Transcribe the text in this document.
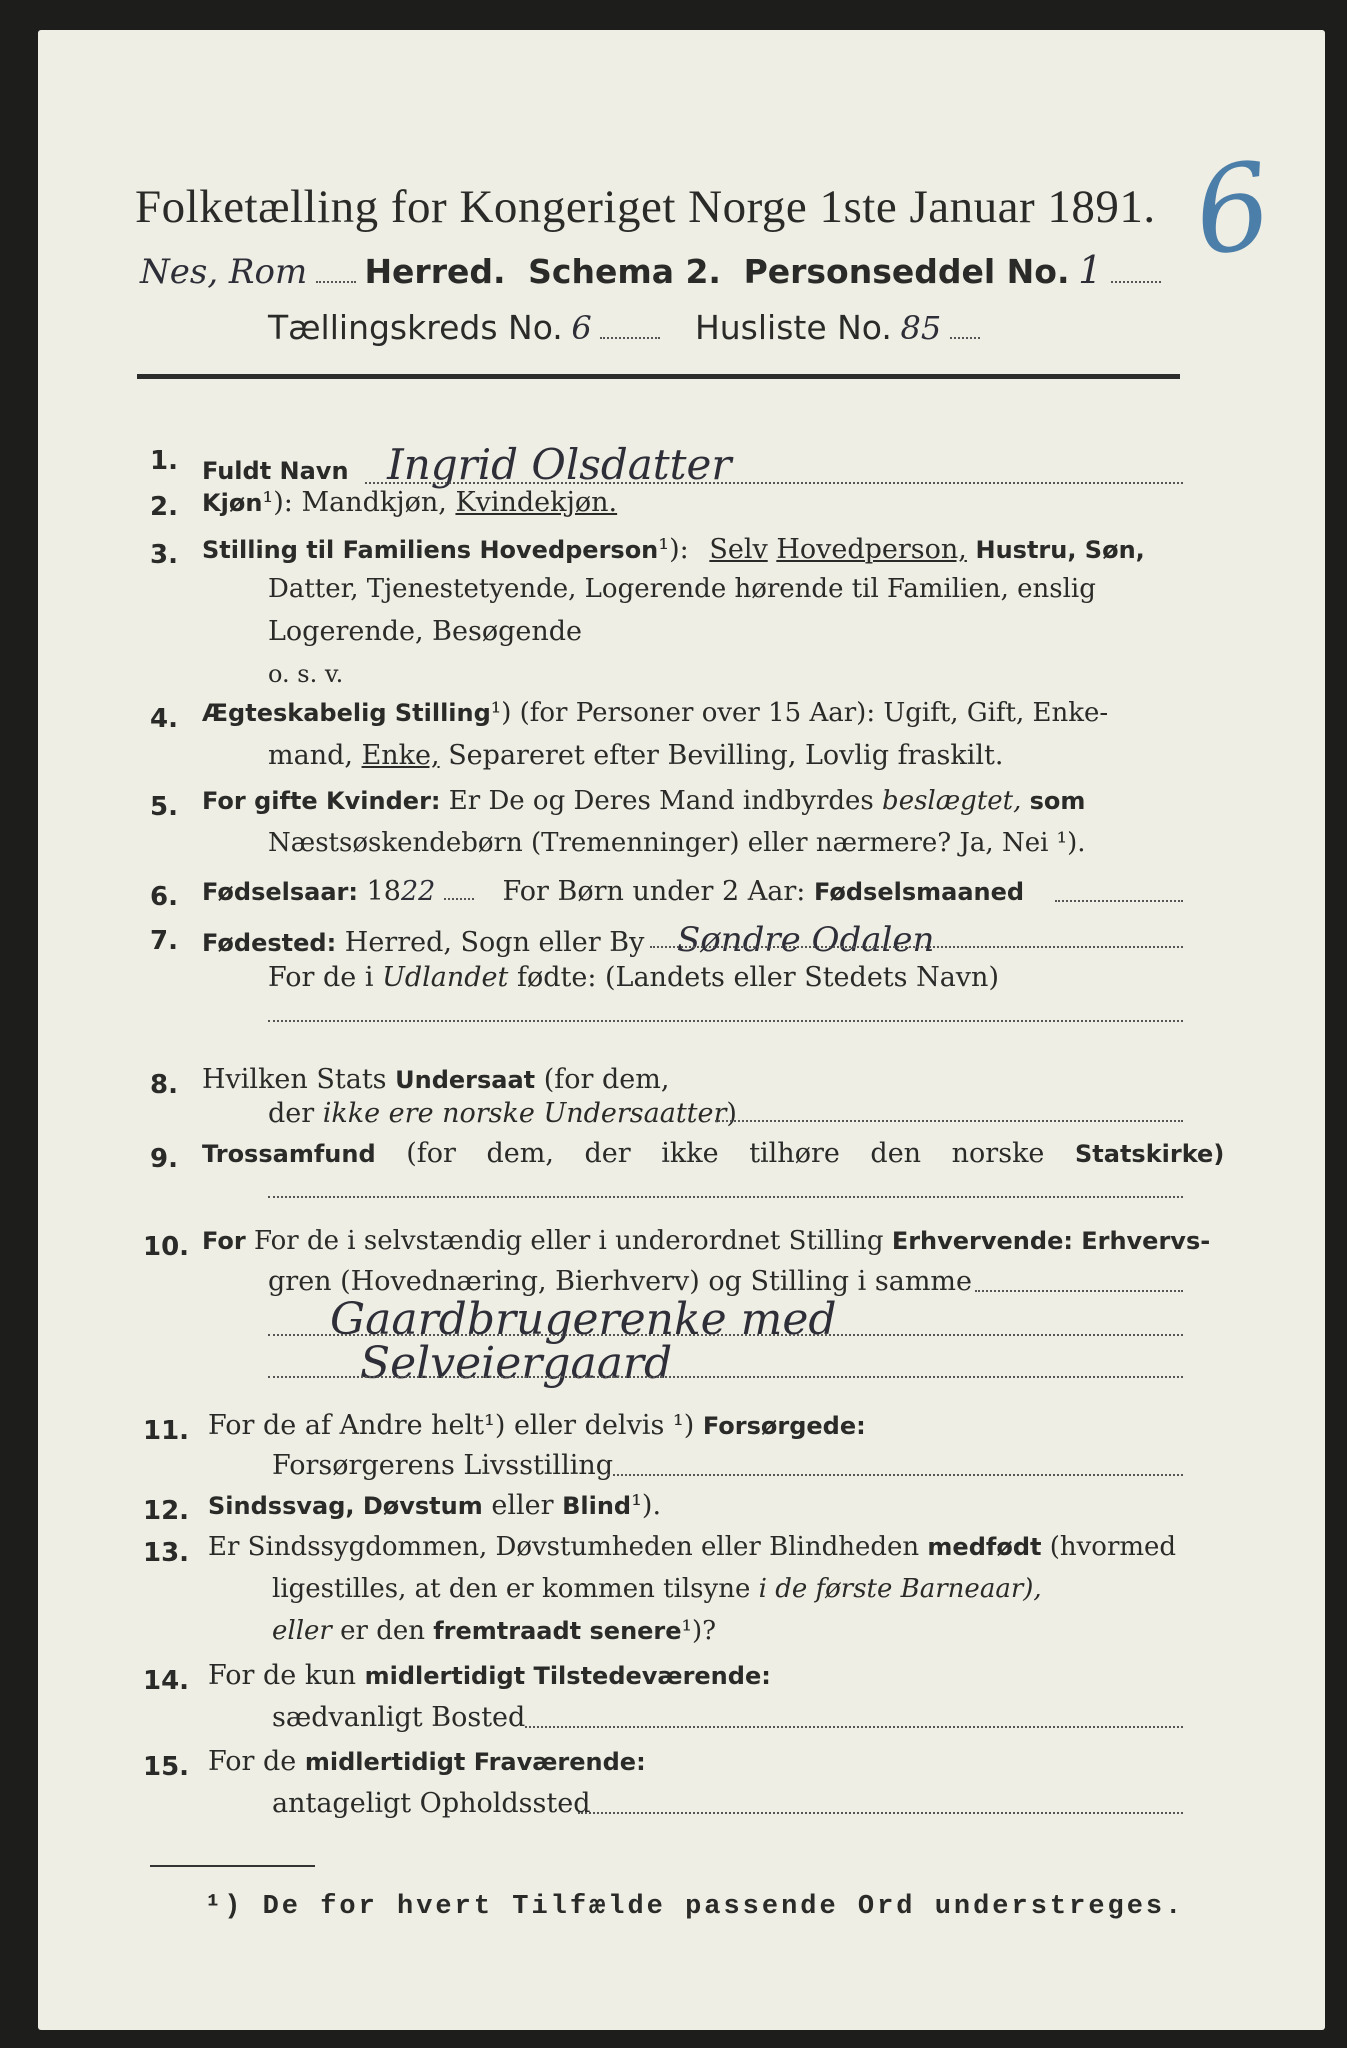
Folketælling for Kongeriget Norge 1ste Januar 1891. 6
Nes, Rom Herred. Schema 2. Personseddel No. 1
Tællingskreds No. 6	Husliste No. 85
1. Fuldt Navn Ingrid Olsdatter
2. Kjøn¹): Mandkjøn, Kvindekjøn.
3. Stilling til Familiens Hovedperson¹): Selv Hovedperson, Hustru, Søn,
Datter, Tjenestetyende, Logerende hørende til Familien, enslig
Logerende, Besøgende
o. s. v.
4. Ægteskabelig Stilling¹) (for Personer over 15 Aar): Ugift, Gift, Enke-
mand, Enke, Separeret efter Bevilling, Lovlig fraskilt.
5. For gifte Kvinder: Er De og Deres Mand indbyrdes beslægtet, som
Næstsøskendebørn (Tremenninger) eller nærmere? Ja, Nei ¹).
6. Fødselsaar: 1822 For Børn under 2 Aar: Fødselsmaaned
7. Fødested: Herred, Sogn eller By Søndre Odalen
For de i Udlandet fødte: (Landets eller Stedets Navn)
8. Hvilken Stats Undersaat (for dem,
der ikke ere norske Undersaatter)
9. Trossamfund (for dem, der ikke tilhøre den norske Statskirke)
10. For For de i selvstændig eller i underordnet Stilling Erhvervende: Erhvervs-
gren (Hovednæring, Bierhverv) og Stilling i samme
Gaardbrugerenke med
Selveiergaard
11. For de af Andre helt¹) eller delvis ¹) Forsørgede:
Forsørgerens Livsstilling
12. Sindssvag, Døvstum eller Blind¹).
13. Er Sindssygdommen, Døvstumheden eller Blindheden medfødt (hvormed
ligestilles, at den er kommen tilsyne i de første Barneaar),
eller er den fremtraadt senere¹)?
14. For de kun midlertidigt Tilstedeværende:
sædvanligt Bosted
15. For de midlertidigt Fraværende:
antageligt Opholdssted
¹) De for hvert Tilfælde passende Ord understreges.
